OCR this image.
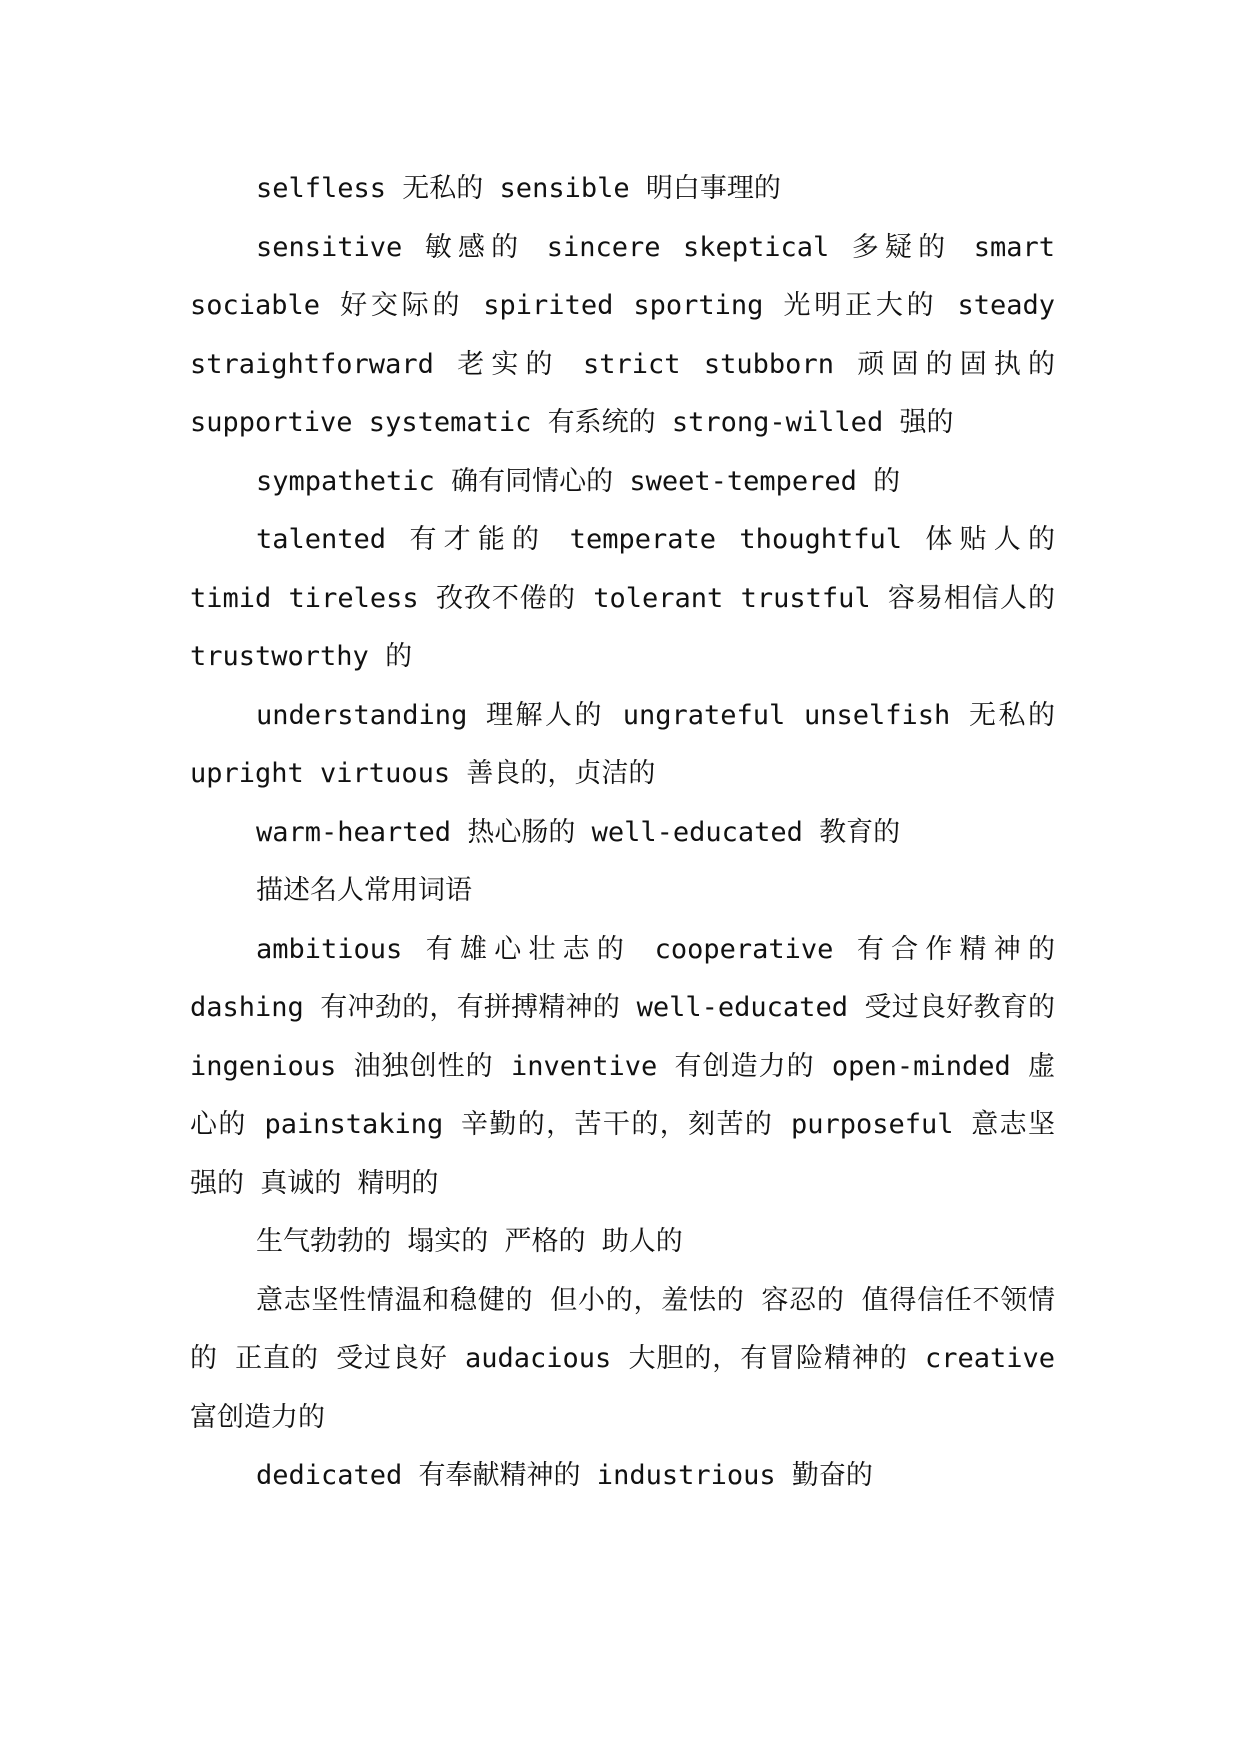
selfless 无私的 sensible 明白事理的

sensitive 敏感的 sincere skeptical 多疑的 smart sociable 好交际的 spirited sporting 光明正大的 steady straightforward 老实的 strict stubborn 顽固的固执的 supportive systematic 有系统的 strong-willed 强的

sympathetic 确有同情心的 sweet-tempered 的

talented 有才能的 temperate thoughtful 体贴人的 timid tireless 孜孜不倦的 tolerant trustful 容易相信人的 trustworthy 的

understanding 理解人的 ungrateful unselfish 无私的 upright virtuous 善良的，贞洁的

warm-hearted 热心肠的 well-educated 教育的

描述名人常用词语

ambitious 有雄心壮志的 cooperative 有合作精神的 dashing 有冲劲的，有拼搏精神的 well-educated 受过良好教育的 ingenious 油独创性的 inventive 有创造力的 open-minded 虚心的 painstaking 辛勤的，苦干的，刻苦的 purposeful 意志坚强的 真诚的 精明的

生气勃勃的 塌实的 严格的 助人的

意志坚性情温和稳健的 但小的，羞怯的 容忍的 值得信任不领情的 正直的 受过良好 audacious 大胆的，有冒险精神的 creative 富创造力的

dedicated 有奉献精神的 industrious 勤奋的
